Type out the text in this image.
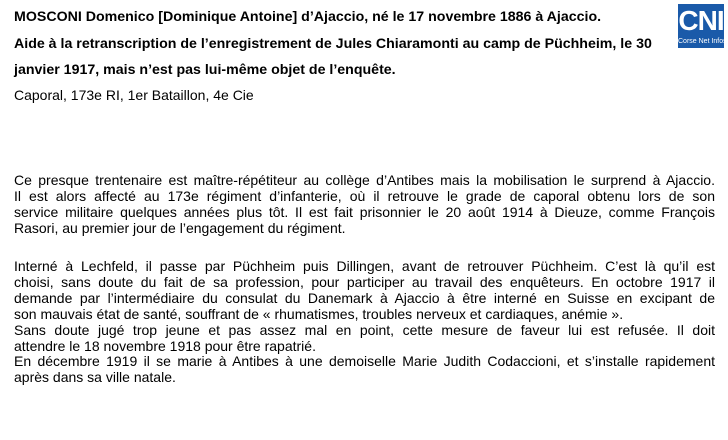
MOSCONI Domenico [Dominique Antoine] d’Ajaccio, né le 17 novembre 1886 à Ajaccio.
Aide à la retranscription de l’enregistrement de Jules Chiaramonti au camp de Püchheim, le 30
janvier 1917, mais n’est pas lui-même objet de l’enquête.
Caporal, 173e RI, 1er Bataillon, 4e Cie
CNI
Corse Net Infos
Ce presque trentenaire est maître-répétiteur au collège d’Antibes mais la mobilisation le surprend à Ajaccio.
Il est alors affecté au 173e régiment d’infanterie, où il retrouve le grade de caporal obtenu lors de son
service militaire quelques années plus tôt. Il est fait prisonnier le 20 août 1914 à Dieuze, comme François
Rasori, au premier jour de l’engagement du régiment.
Interné à Lechfeld, il passe par Püchheim puis Dillingen, avant de retrouver Püchheim. C’est là qu’il est
choisi, sans doute du fait de sa profession, pour participer au travail des enquêteurs. En octobre 1917 il
demande par l’intermédiaire du consulat du Danemark à Ajaccio à être interné en Suisse en excipant de
son mauvais état de santé, souffrant de « rhumatismes, troubles nerveux et cardiaques, anémie ».
Sans doute jugé trop jeune et pas assez mal en point, cette mesure de faveur lui est refusée. Il doit
attendre le 18 novembre 1918 pour être rapatrié.
En décembre 1919 il se marie à Antibes à une demoiselle Marie Judith Codaccioni, et s’installe rapidement
après dans sa ville natale.
